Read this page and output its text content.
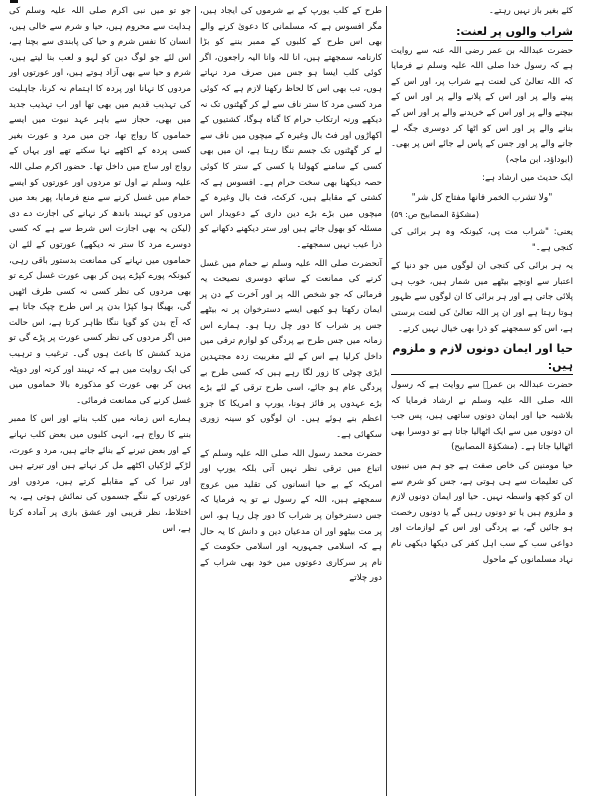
جو تو میں نبی اکرم صلی اللہ علیہ وسلم کی ہدایت سے محروم ہیں، حیا و شرم سے خالی ہیں، انسان کا نفس شرم و حیا کی پابندی سے بچنا ہے، اس لئے جو لوگ دین کو لہو و لعب بنا لیتے ہیں، شرم و حیا سے بھی آزاد ہوتے ہیں، اور عورتوں اور مردوں کا نہانا اور پردہ کا اہتمام نہ کرنا، جاہلیت کی تہذیب قدیم میں بھی تھا اور اب تہذیب جدید میں بھی، حجاز سے باہر عہد نبوت میں ایسے حماموں کا رواج تھا، جن میں مرد و عورت بغیر کسی پردہ کے اکٹھے نہا سکتے تھے اور یہاں کے رواج اور ساج میں داخل تھا۔ حضور اکرم صلی اللہ علیہ وسلم نے اول تو مردوں اور عورتوں کو ایسے حمام میں غسل کرنے سے منع فرمایا، پھر بعد میں مردوں کو تہبند باندھ کر نہانے کی اجازت دے دی (لیکن یہ بھی اجازت اس شرط سے ہے کہ کسی دوسرے مرد کا ستر نہ دیکھے) عورتوں کے لئے ان حماموں میں نہانے کی ممانعت بدستور باقی رہی، کیونکہ پورے کپڑے پہن کر بھی عورت غسل کرے تو بھی مردوں کی نظر کسی نہ کسی طرف اٹھیں گی، بھیگا ہوا کپڑا بدن پر اس طرح چپک جاتا ہے کہ آج بدن کو گویا ننگا ظاہر کرتا ہے، اس حالت میں اگر مردوں کی نظر کسی عورت پر پڑے گی تو مزید کشش کا باعث ہوں گی۔ ترغیب و ترہیب کی ایک روایت میں ہے کہ تہبند اور کرتہ اور دوپٹہ پہن کر بھی عورت کو مذکورہ بالا حماموں میں غسل کرنے کی ممانعت فرمائی۔

ہمارے اس زمانہ میں کلب بنانے اور اس کا ممبر بننے کا رواج ہے، انہی کلبوں میں بعض کلب نہانے کے اور بعض تیرنے کے بنائے جاتے ہیں، مرد و عورت، لڑکے لڑکیاں اکٹھے مل کر نہاتے ہیں اور تیرتے ہیں اور تیرا کی کے مقابلے کرتے ہیں، مردوں اور عورتوں کے ننگے جسموں کی نمائش ہوتی ہے، یہ اختلاط، نظر فریبی اور عشق بازی پر آمادہ کرتا ہے، اس

طرح کے کلب یورپ کے بے شرموں کی ایجاد ہیں، مگر افسوس ہے کہ مسلمانی کا دعویٰ کرنے والے بھی اس طرح کے کلبوں کے ممبر بننے کو بڑا کارنامہ سمجھتے ہیں، انا للہ وانا الیہ راجعون، اگر کوئی کلب ایسا ہو جس میں صرف مرد نہاتے ہوں، تب بھی اس کا لحاظ رکھنا لازم ہے کہ کوئی مرد کسی مرد کا ستر ناف سے لے کر گھٹنوں تک نہ دیکھے ورنہ ارتکاب حرام کا گناہ ہوگا، کشتیوں کے اکھاڑوں اور فٹ بال وغیرہ کے میچوں میں ناف سے لے کر گھٹنوں تک جسم ننگا رہتا ہے، ان میں بھی کسی کے سامنے کھولنا یا کسی کے ستر کا کوئی حصہ دیکھنا بھی سخت حرام ہے۔ افسوس ہے کہ کشتی کے مقابلے ہیں، کرکٹ، فٹ بال وغیرہ کے میچوں میں بڑے بڑے دین داری کے دعویدار اس مسئلہ کو بھول جاتے ہیں اور ستر دیکھنے دکھانے کو ذرا عیب نہیں سمجھتے۔

آنحضرت صلی اللہ علیہ وسلم نے حمام میں غسل کرنے کی ممانعت کے ساتھ دوسری نصیحت یہ فرمائی کہ جو شخص اللہ پر اور آخرت کے دن پر ایمان رکھتا ہو کبھی ایسے دسترخوان پر نہ بیٹھے جس پر شراب کا دور چل رہا ہو۔ ہمارے اس زمانہ میں جس طرح بے پردگی کو لوازم ترقی میں داخل کرلیا ہے اس کے لئے مغربیت زدہ مجتہدین ایڑی چوٹی کا زور لگا رہے ہیں کہ کسی طرح بے پردگی عام ہو جائے، اسی طرح ترقی کے لئے بڑے بڑے عہدوں پر فائز ہونا، یورپ و امریکا کا جزو اعظم بنے ہوئے ہیں۔ ان لوگوں کو سینہ زوری سکھائی ہے۔

حضرت محمد رسول اللہ صلی اللہ علیہ وسلم کے اتباع میں ترقی نظر نہیں آتی بلکہ یورپ اور امریکہ کے بے حیا انسانوں کی تقلید میں عروج سمجھتے ہیں، اللہ کے رسول نے تو یہ فرمایا کہ جس دسترخوان پر شراب کا دور چل رہا ہو، اس پر مت بیٹھو اور ان مدعیان دین و دانش کا یہ حال ہے کہ اسلامی جمہوریہ اور اسلامی حکومت کے نام پر سرکاری دعوتوں میں خود بھی شراب کے دور چلاتے

کئے بغیر باز نہیں رہتے۔

شراب والوں پر لعنت:

حضرت عبداللہ بن عمر رضی اللہ عنہ سے روایت ہے کہ رسول خدا صلی اللہ علیہ وسلم نے فرمایا کہ اللہ تعالیٰ کی لعنت ہے شراب پر، اور اس کے پینے والے پر اور اس کے پلانے والے پر اور اس کے بیچنے والے پر اور اس کے خریدنے والے پر اور اس کے بنانے والے پر اور اس کو اٹھا کر دوسری جگہ لے جانے والے پر اور جس کے پاس لے جائے اس پر بھی۔ (ابوداؤد، ابن ماجہ)

ایک حدیث میں ارشاد ہے:

"ولا تشرب الخمر فانها مفتاح كل شر"

(مشکوٰۃ المصابیح ص: ۵۹)

یعنی: "شراب مت پی، کیونکہ وہ ہر برائی کی کنجی ہے۔"

یہ ہر برائی کی کنجی ان لوگوں میں جو دنیا کے اعتبار سے اونچے بیٹھے میں شمار ہیں، خوب ہی پلائی جاتی ہے اور ہر برائی کا ان لوگوں سے ظہور ہوتا رہتا ہے اور ان پر اللہ تعالیٰ کی لعنت برستی ہے، اس کو سمجھنے کو ذرا بھی خیال نہیں کرتے۔

حیا اور ایمان دونوں لازم و ملزوم ہیں:

حضرت عبداللہ بن عمرؓ سے روایت ہے کہ رسول اللہ صلی اللہ علیہ وسلم نے ارشاد فرمایا کہ بلاشبہ حیا اور ایمان دونوں ساتھی ہیں، پس جب ان دونوں میں سے ایک اٹھالیا جاتا ہے تو دوسرا بھی اٹھالیا جاتا ہے۔ (مشکوٰۃ المصابیح)

حیا مومنین کی خاص صفت ہے جو ہم میں نبیوں کی تعلیمات سے ہی ہوتی ہے، جس کو شرم سے ان کو کچھ واسطہ نہیں۔ حیا اور ایمان دونوں لازم و ملزوم ہیں یا تو دونوں رہیں گے یا دونوں رخصت ہو جائیں گے، بے پردگی اور اس کے لوازمات اور دواعی سب کے سب اہل کفر کی دیکھا دیکھی نام نہاد مسلمانوں کے ماحول
